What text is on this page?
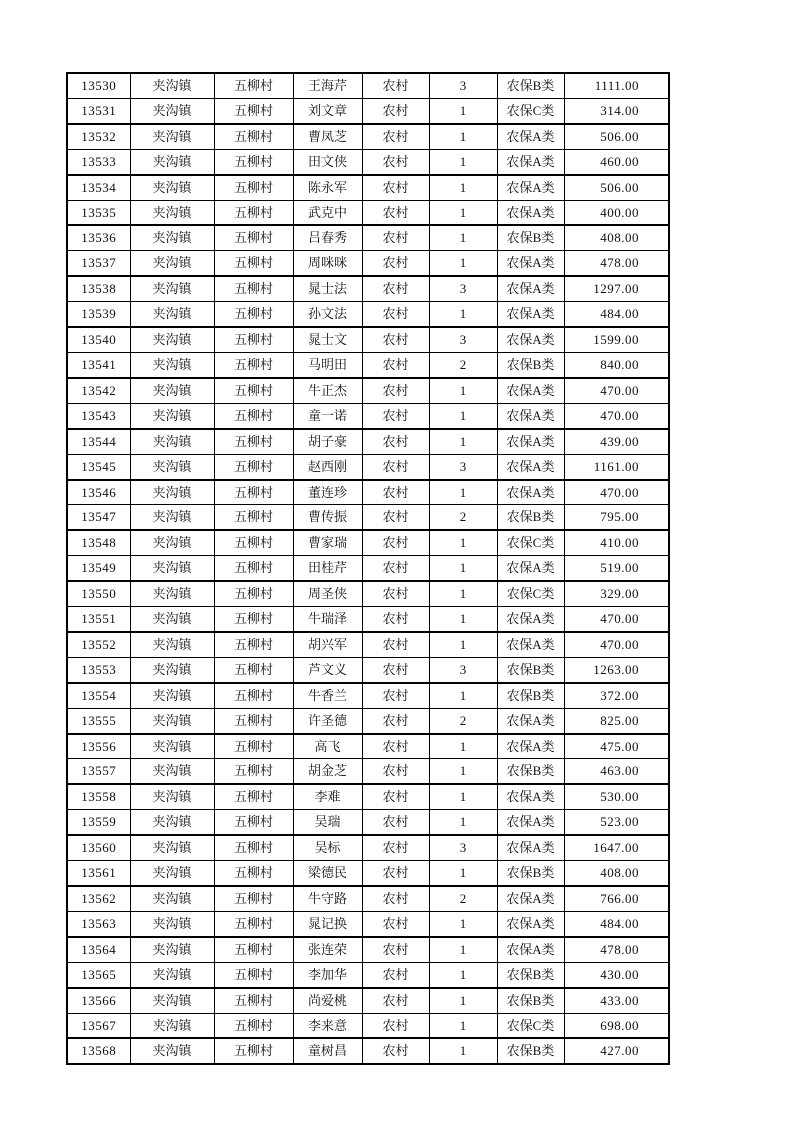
13530	夹沟镇	五柳村	王海芹	农村	3	农保B类	1111.00
13531	夹沟镇	五柳村	刘文章	农村	1	农保C类	314.00
13532	夹沟镇	五柳村	曹凤芝	农村	1	农保A类	506.00
13533	夹沟镇	五柳村	田文侠	农村	1	农保A类	460.00
13534	夹沟镇	五柳村	陈永军	农村	1	农保A类	506.00
13535	夹沟镇	五柳村	武克中	农村	1	农保A类	400.00
13536	夹沟镇	五柳村	吕春秀	农村	1	农保B类	408.00
13537	夹沟镇	五柳村	周咪咪	农村	1	农保A类	478.00
13538	夹沟镇	五柳村	晁士法	农村	3	农保A类	1297.00
13539	夹沟镇	五柳村	孙文法	农村	1	农保A类	484.00
13540	夹沟镇	五柳村	晁士文	农村	3	农保A类	1599.00
13541	夹沟镇	五柳村	马明田	农村	2	农保B类	840.00
13542	夹沟镇	五柳村	牛正杰	农村	1	农保A类	470.00
13543	夹沟镇	五柳村	童一诺	农村	1	农保A类	470.00
13544	夹沟镇	五柳村	胡子豪	农村	1	农保A类	439.00
13545	夹沟镇	五柳村	赵西刚	农村	3	农保A类	1161.00
13546	夹沟镇	五柳村	董连珍	农村	1	农保A类	470.00
13547	夹沟镇	五柳村	曹传振	农村	2	农保B类	795.00
13548	夹沟镇	五柳村	曹家瑞	农村	1	农保C类	410.00
13549	夹沟镇	五柳村	田桂芹	农村	1	农保A类	519.00
13550	夹沟镇	五柳村	周圣侠	农村	1	农保C类	329.00
13551	夹沟镇	五柳村	牛瑞泽	农村	1	农保A类	470.00
13552	夹沟镇	五柳村	胡兴军	农村	1	农保A类	470.00
13553	夹沟镇	五柳村	芦文义	农村	3	农保B类	1263.00
13554	夹沟镇	五柳村	牛香兰	农村	1	农保B类	372.00
13555	夹沟镇	五柳村	许圣德	农村	2	农保A类	825.00
13556	夹沟镇	五柳村	高飞	农村	1	农保A类	475.00
13557	夹沟镇	五柳村	胡金芝	农村	1	农保B类	463.00
13558	夹沟镇	五柳村	李难	农村	1	农保A类	530.00
13559	夹沟镇	五柳村	吴瑞	农村	1	农保A类	523.00
13560	夹沟镇	五柳村	吴标	农村	3	农保A类	1647.00
13561	夹沟镇	五柳村	梁德民	农村	1	农保B类	408.00
13562	夹沟镇	五柳村	牛守路	农村	2	农保A类	766.00
13563	夹沟镇	五柳村	晁记换	农村	1	农保A类	484.00
13564	夹沟镇	五柳村	张连荣	农村	1	农保A类	478.00
13565	夹沟镇	五柳村	李加华	农村	1	农保B类	430.00
13566	夹沟镇	五柳村	尚爱桃	农村	1	农保B类	433.00
13567	夹沟镇	五柳村	李来意	农村	1	农保C类	698.00
13568	夹沟镇	五柳村	童树昌	农村	1	农保B类	427.00
